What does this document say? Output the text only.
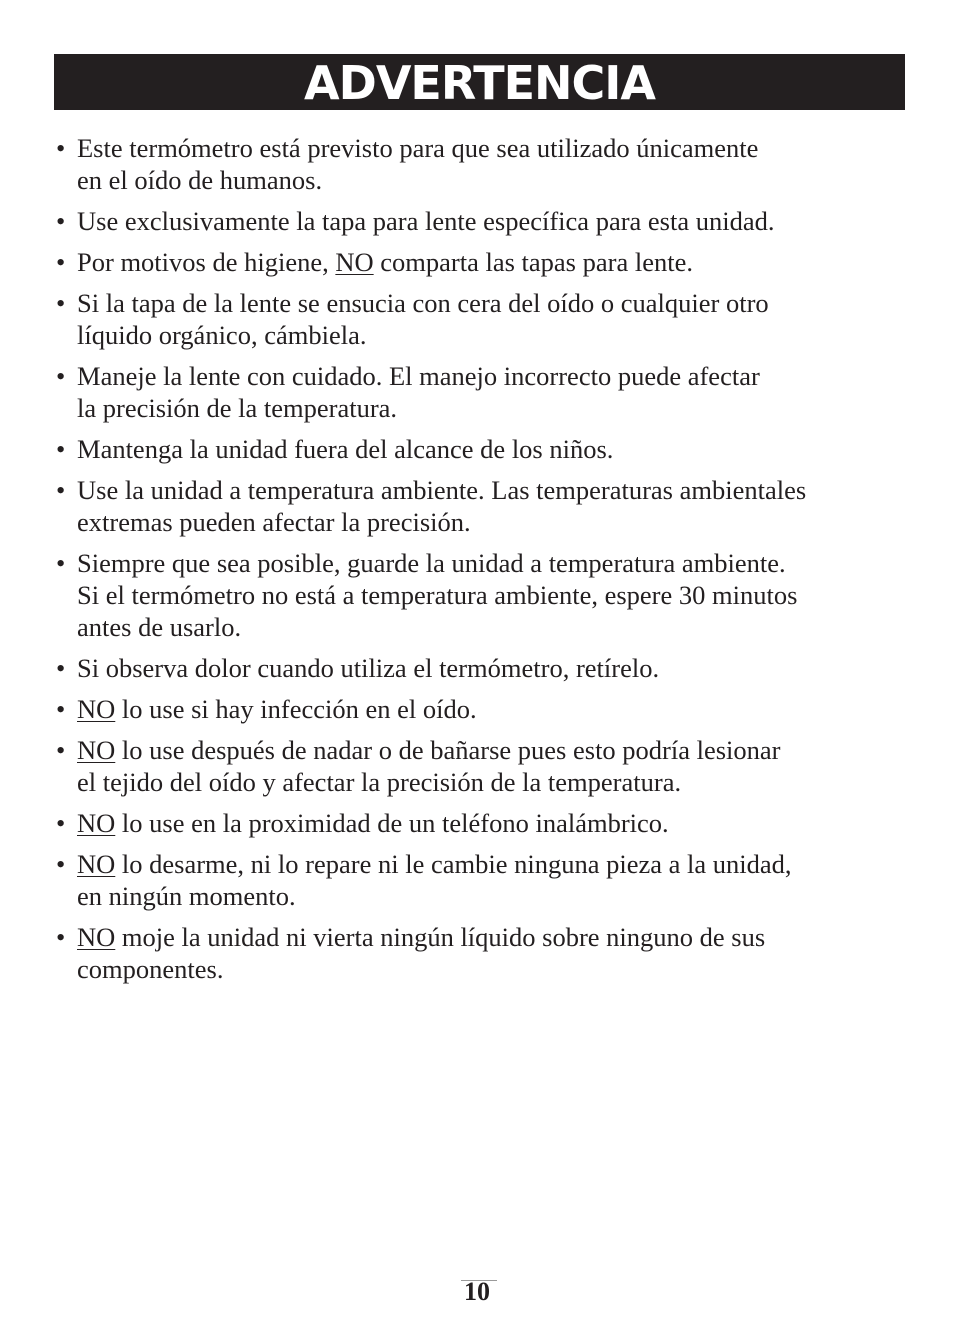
ADVERTENCIA
• Este termómetro está previsto para que sea utilizado únicamente
en el oído de humanos.
• Use exclusivamente la tapa para lente específica para esta unidad.
• Por motivos de higiene, NO comparta las tapas para lente.
• Si la tapa de la lente se ensucia con cera del oído o cualquier otro
líquido orgánico, cámbiela.
• Maneje la lente con cuidado. El manejo incorrecto puede afectar
la precisión de la temperatura.
• Mantenga la unidad fuera del alcance de los niños.
• Use la unidad a temperatura ambiente. Las temperaturas ambientales
extremas pueden afectar la precisión.
• Siempre que sea posible, guarde la unidad a temperatura ambiente.
Si el termómetro no está a temperatura ambiente, espere 30 minutos
antes de usarlo.
• Si observa dolor cuando utiliza el termómetro, retírelo.
• NO lo use si hay infección en el oído.
• NO lo use después de nadar o de bañarse pues esto podría lesionar
el tejido del oído y afectar la precisión de la temperatura.
• NO lo use en la proximidad de un teléfono inalámbrico.
• NO lo desarme, ni lo repare ni le cambie ninguna pieza a la unidad,
en ningún momento.
• NO moje la unidad ni vierta ningún líquido sobre ninguno de sus
componentes.
10
